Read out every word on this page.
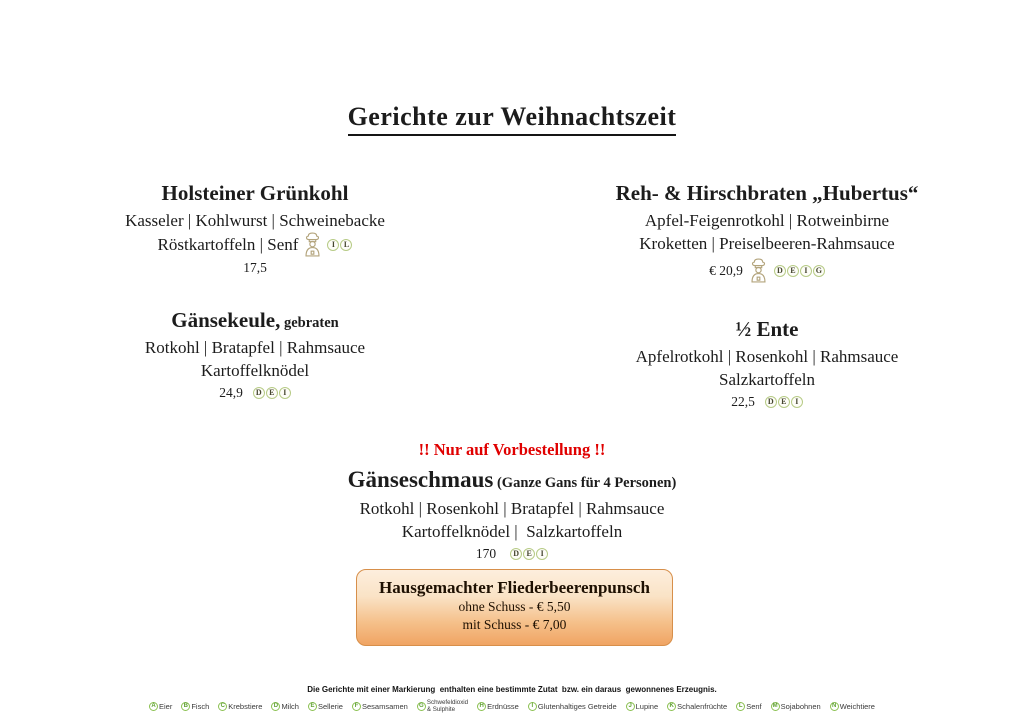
Gerichte zur Weihnachtszeit
Holsteiner Grünkohl
Kasseler | Kohlwurst | Schweinebacke
Röstkartoffeln | Senf	I	L
17,5
Reh- & Hirschbraten „Hubertus“
Apfel-Feigenrotkohl | Rotweinbirne
Kroketten | Preiselbeeren-Rahmsauce
€ 20,9	D E	I	G
Gänsekeule, gebraten
Rotkohl | Bratapfel | Rahmsauce
Kartoffelknödel
24,9	D E	I
½ Ente
Apfelrotkohl | Rosenkohl | Rahmsauce
Salzkartoffeln
22,5	D E	I
!! Nur auf Vorbestellung !!
Gänseschmaus (Ganze Gans für 4 Personen)
Rotkohl | Rosenkohl | Bratapfel | Rahmsauce
Kartoffelknödel |  Salzkartoffeln
170	D E	I
Hausgemachter Fliederbeerenpunsch
ohne Schuss - € 5,50
mit Schuss - € 7,00
Die Gerichte mit einer Markierung  enthalten eine bestimmte Zutat  bzw. ein daraus  gewonnenes Erzeugnis.
A Eier	B Fisch	C Krebstiere	D Milch	E Sellerie	F Sesamsamen	G
Schwefeldioxid
& Sulphite	H Erdnüsse	I Glutenhaltiges Getreide	J Lupine	K Schalenfrüchte	L Senf	M Sojabohnen	N Weichtiere
